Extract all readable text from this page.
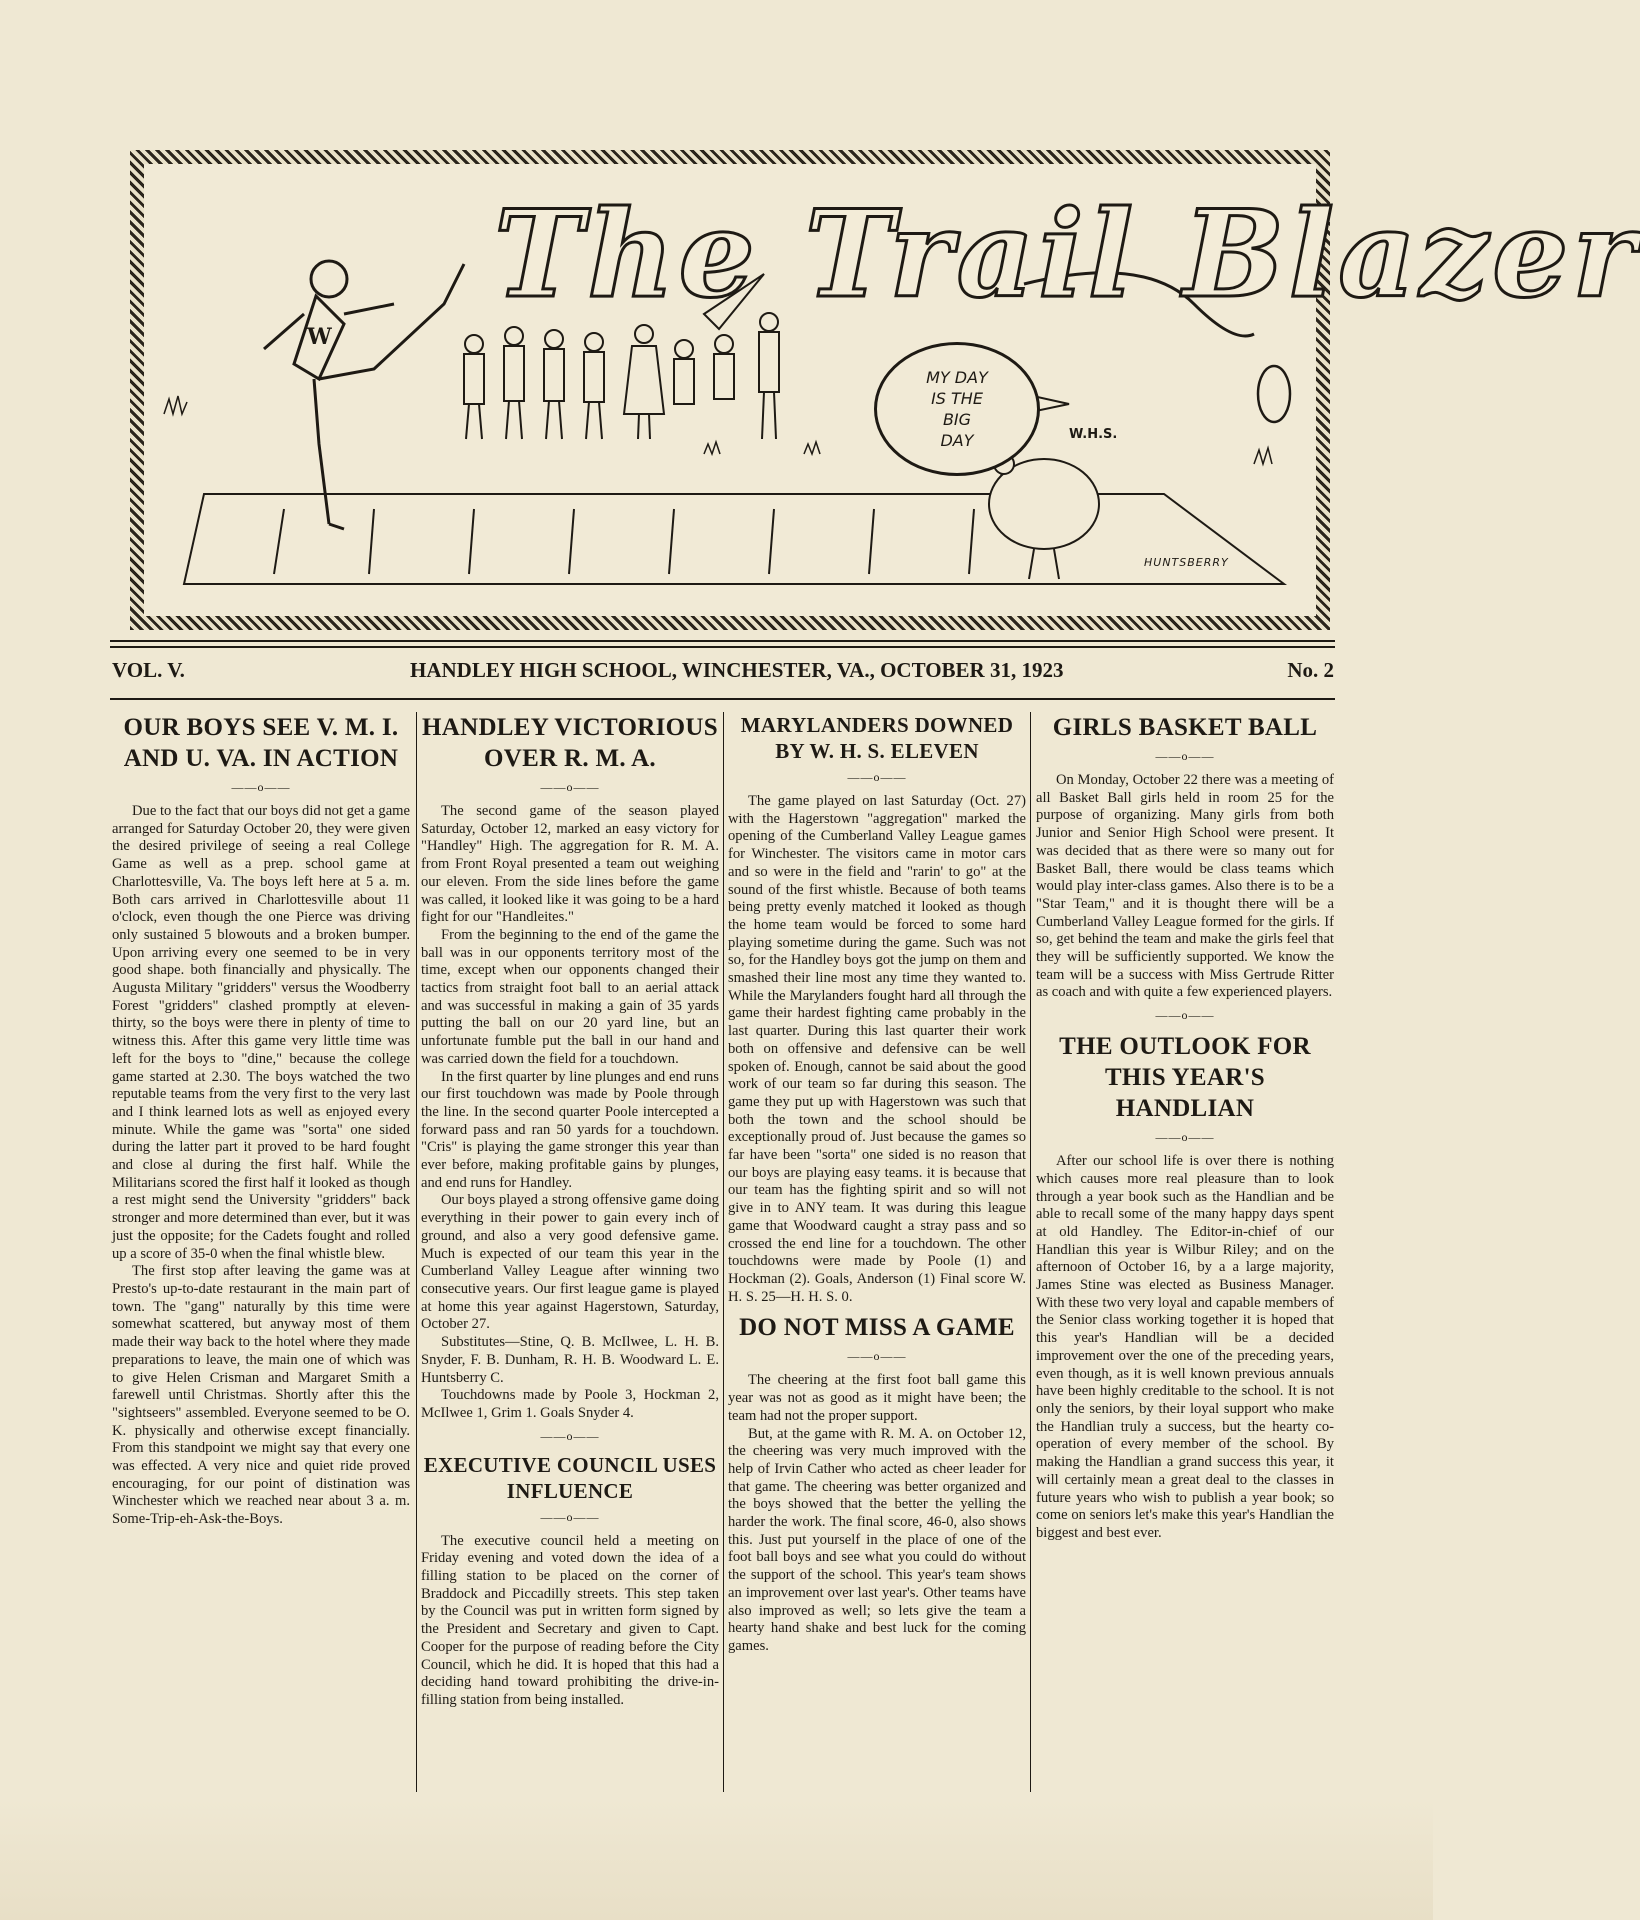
W
The Trail Blazer
MY DAY
IS THE
BIG
DAY	W.H.S.
HUNTSBERRY
VOL. V.	HANDLEY HIGH SCHOOL, WINCHESTER, VA., OCTOBER 31, 1923	No. 2
OUR BOYS SEE V. M. I. AND U. VA. IN ACTION
——o——

Due to the fact that our boys did not get a game arranged for Saturday October 20, they were given the desired privilege of seeing a real College Game as well as a prep. school game at Charlottesville, Va. The boys left here at 5 a. m. Both cars arrived in Charlottesville about 11 o'clock, even though the one Pierce was driving only sustained 5 blowouts and a broken bumper. Upon arriving every one seemed to be in very good shape. both financially and physically. The Augusta Military "gridders" versus the Woodberry Forest "gridders" clashed promptly at eleven-thirty, so the boys were there in plenty of time to witness this. After this game very little time was left for the boys to "dine," because the college game started at 2.30. The boys watched the two reputable teams from the very first to the very last and I think learned lots as well as enjoyed every minute. While the game was "sorta" one sided during the latter part it proved to be hard fought and close al during the first half. While the Militarians scored the first half it looked as though a rest might send the University "gridders" back stronger and more determined than ever, but it was just the opposite; for the Cadets fought and rolled up a score of 35-0 when the final whistle blew.

The first stop after leaving the game was at Presto's up-to-date restaurant in the main part of town. The "gang" naturally by this time were somewhat scattered, but anyway most of them made their way back to the hotel where they made preparations to leave, the main one of which was to give Helen Crisman and Margaret Smith a farewell until Christmas. Shortly after this the "sightseers" assembled. Everyone seemed to be O. K. physically and otherwise except financially. From this standpoint we might say that every one was effected. A very nice and quiet ride proved encouraging, for our point of distination was Winchester which we reached near about 3 a. m. Some-Trip-eh-Ask-the-Boys.

HANDLEY VICTORIOUS OVER R. M. A.
——o——

The second game of the season played Saturday, October 12, marked an easy victory for "Handley" High. The aggregation for R. M. A. from Front Royal presented a team out weighing our eleven. From the side lines before the game was called, it looked like it was going to be a hard fight for our "Handleites."

From the beginning to the end of the game the ball was in our opponents territory most of the time, except when our opponents changed their tactics from straight foot ball to an aerial attack and was successful in making a gain of 35 yards putting the ball on our 20 yard line, but an unfortunate fumble put the ball in our hand and was carried down the field for a touchdown.

In the first quarter by line plunges and end runs our first touchdown was made by Poole through the line. In the second quarter Poole intercepted a forward pass and ran 50 yards for a touchdown. "Cris" is playing the game stronger this year than ever before, making profitable gains by plunges, and end runs for Handley.

Our boys played a strong offensive game doing everything in their power to gain every inch of ground, and also a very good defensive game. Much is expected of our team this year in the Cumberland Valley League after winning two consecutive years. Our first league game is played at home this year against Hagerstown, Saturday, October 27.

Substitutes—Stine, Q. B. McIlwee, L. H. B. Snyder, F. B. Dunham, R. H. B. Woodward L. E. Huntsberry C.

Touchdowns made by Poole 3, Hockman 2, McIlwee 1, Grim 1. Goals Snyder 4.

——o——
EXECUTIVE COUNCIL USES INFLUENCE
——o——

The executive council held a meeting on Friday evening and voted down the idea of a filling station to be placed on the corner of Braddock and Piccadilly streets. This step taken by the Council was put in written form signed by the President and Secretary and given to Capt. Cooper for the purpose of reading before the City Council, which he did. It is hoped that this had a deciding hand toward prohibiting the drive-in-filling station from being installed.

MARYLANDERS DOWNED BY W. H. S. ELEVEN
——o——

The game played on last Saturday (Oct. 27) with the Hagerstown "aggregation" marked the opening of the Cumberland Valley League games for Winchester. The visitors came in motor cars and so were in the field and "rarin' to go" at the sound of the first whistle. Because of both teams being pretty evenly matched it looked as though the home team would be forced to some hard playing sometime during the game. Such was not so, for the Handley boys got the jump on them and smashed their line most any time they wanted to. While the Marylanders fought hard all through the game their hardest fighting came probably in the last quarter. During this last quarter their work both on offensive and defensive can be well spoken of. Enough, cannot be said about the good work of our team so far during this season. The game they put up with Hagerstown was such that both the town and the school should be exceptionally proud of. Just because the games so far have been "sorta" one sided is no reason that our boys are playing easy teams. it is because that our team has the fighting spirit and so will not give in to ANY team. It was during this league game that Woodward caught a stray pass and so crossed the end line for a touchdown. The other touchdowns were made by Poole (1) and Hockman (2). Goals, Anderson (1) Final score W. H. S. 25—H. H. S. 0.

DO NOT MISS A GAME
——o——

The cheering at the first foot ball game this year was not as good as it might have been; the team had not the proper support.

But, at the game with R. M. A. on October 12, the cheering was very much improved with the help of Irvin Cather who acted as cheer leader for that game. The cheering was better organized and the boys showed that the better the yelling the harder the work. The final score, 46-0, also shows this. Just put yourself in the place of one of the foot ball boys and see what you could do without the support of the school. This year's team shows an improvement over last year's. Other teams have also improved as well; so lets give the team a hearty hand shake and best luck for the coming games.

GIRLS BASKET BALL
——o——

On Monday, October 22 there was a meeting of all Basket Ball girls held in room 25 for the purpose of organizing. Many girls from both Junior and Senior High School were present. It was decided that as there were so many out for Basket Ball, there would be class teams which would play inter-class games. Also there is to be a "Star Team," and it is thought there will be a Cumberland Valley League formed for the girls. If so, get behind the team and make the girls feel that they will be sufficiently supported. We know the team will be a success with Miss Gertrude Ritter as coach and with quite a few experienced players.

——o——
THE OUTLOOK FOR THIS YEAR'S HANDLIAN
——o——

After our school life is over there is nothing which causes more real pleasure than to look through a year book such as the Handlian and be able to recall some of the many happy days spent at old Handley. The Editor-in-chief of our Handlian this year is Wilbur Riley; and on the afternoon of October 16, by a a large majority, James Stine was elected as Business Manager. With these two very loyal and capable members of the Senior class working together it is hoped that this year's Handlian will be a decided improvement over the one of the preceding years, even though, as it is well known previous annuals have been highly creditable to the school. It is not only the seniors, by their loyal support who make the Handlian truly a success, but the hearty co-operation of every member of the school. By making the Handlian a grand success this year, it will certainly mean a great deal to the classes in future years who wish to publish a year book; so come on seniors let's make this year's Handlian the biggest and best ever.
